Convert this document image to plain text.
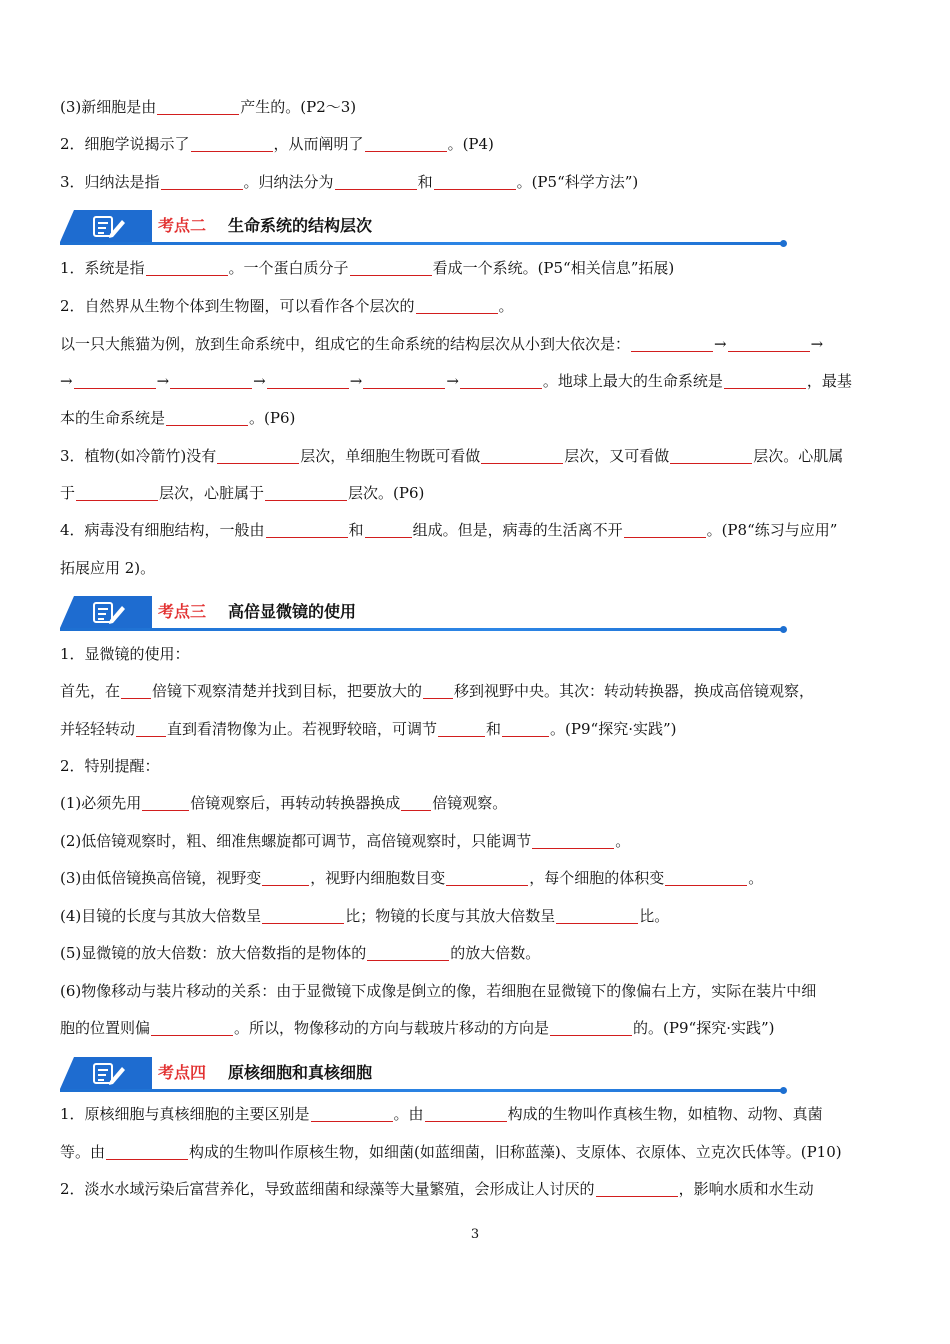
(3)新细胞是由	产生的。(P2～3)
2．细胞学说揭示了	，从而阐明了	。(P4)
3．归纳法是指	。归纳法分为	和	。(P5“科学方法”)
考点二 生命系统的结构层次
1．系统是指	。一个蛋白质分子	看成一个系统。(P5“相关信息”拓展)
2．自然界从生物个体到生物圈，可以看作各个层次的	。
以一只大熊猫为例，放到生命系统中，组成它的生命系统的结构层次从小到大依次是：	→	→
→	→	→	→	→	。地球上最大的生命系统是	，最基
本的生命系统是	。(P6)
3．植物(如冷箭竹)没有	层次，单细胞生物既可看做	层次，又可看做	层次。心肌属
于	层次，心脏属于	层次。(P6)
4．病毒没有细胞结构，一般由	和	组成。但是，病毒的生活离不开	。(P8“练习与应用”
拓展应用 2)。
考点三 高倍显微镜的使用
1．显微镜的使用：
首先，在 倍镜下观察清楚并找到目标，把要放大的 移到视野中央。其次：转动转换器，换成高倍镜观察，
并轻轻转动 直到看清物像为止。若视野较暗，可调节	和	。(P9“探究·实践”)
2．特别提醒：
(1)必须先用	倍镜观察后，再转动转换器换成 倍镜观察。
(2)低倍镜观察时，粗、细准焦螺旋都可调节，高倍镜观察时，只能调节	。
(3)由低倍镜换高倍镜，视野变	，视野内细胞数目变	，每个细胞的体积变	。
(4)目镜的长度与其放大倍数呈	比；物镜的长度与其放大倍数呈	比。
(5)显微镜的放大倍数：放大倍数指的是物体的	的放大倍数。
(6)物像移动与装片移动的关系：由于显微镜下成像是倒立的像，若细胞在显微镜下的像偏右上方，实际在装片中细
胞的位置则偏	。所以，物像移动的方向与载玻片移动的方向是	的。(P9“探究·实践”)
考点四 原核细胞和真核细胞
1．原核细胞与真核细胞的主要区别是	。由	构成的生物叫作真核生物，如植物、动物、真菌
等。由	构成的生物叫作原核生物，如细菌(如蓝细菌，旧称蓝藻)、支原体、衣原体、立克次氏体等。(P10)
2．淡水水域污染后富营养化，导致蓝细菌和绿藻等大量繁殖，会形成让人讨厌的	，影响水质和水生动
3
